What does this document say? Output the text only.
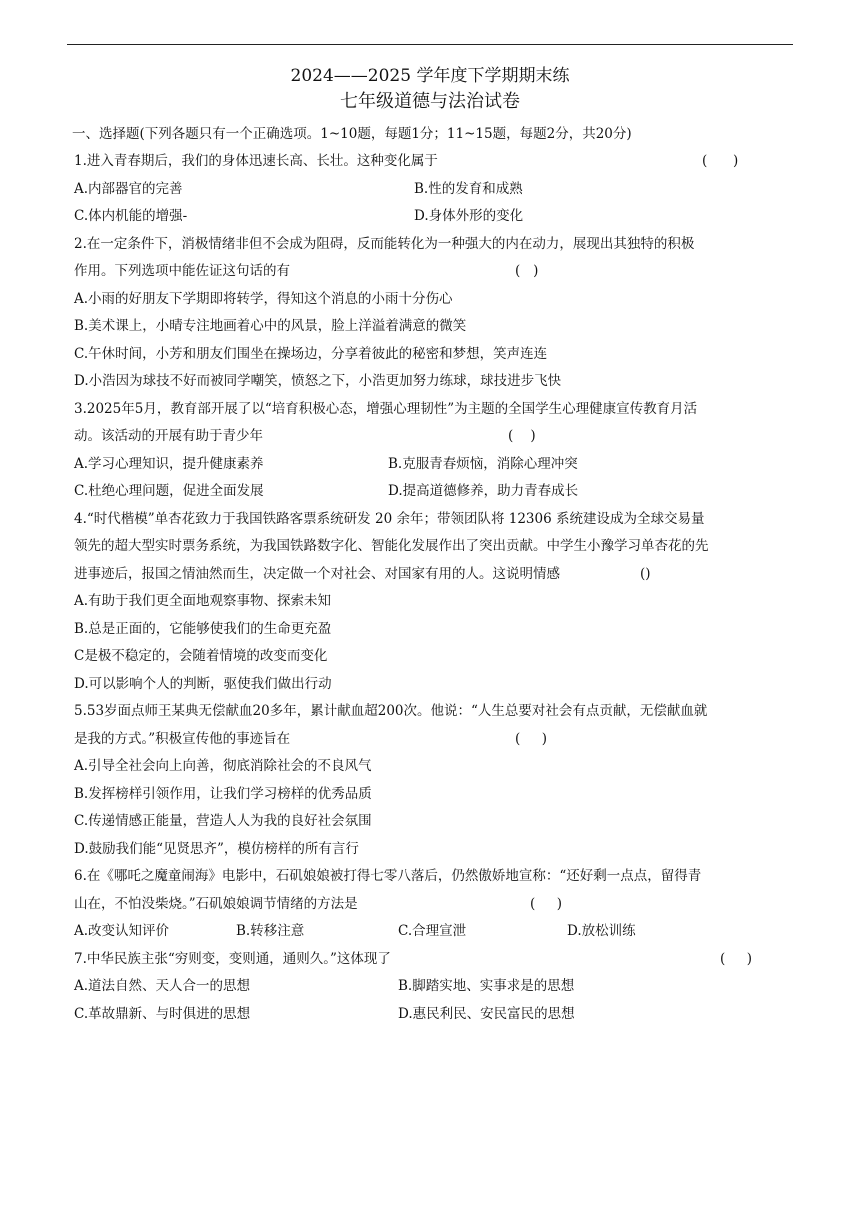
2024——2025 学年度下学期期末练
七年级道德与法治试卷
一、选择题(下列各题只有一个正确选项。1~10题，每题1分；11~15题，每题2分，共20分)
1.进入青春期后，我们的身体迅速长高、长壮。这种变化属于	(      )
A.内部器官的完善	B.性的发育和成熟
C.体内机能的增强-	D.身体外形的变化
2.在一定条件下，消极情绪非但不会成为阻碍，反而能转化为一种强大的内在动力，展现出其独特的积极
作用。下列选项中能佐证这句话的有	(   )
A.小雨的好朋友下学期即将转学，得知这个消息的小雨十分伤心
B.美术课上，小晴专注地画着心中的风景，脸上洋溢着满意的微笑
C.午休时间，小芳和朋友们围坐在操场边，分享着彼此的秘密和梦想，笑声连连
D.小浩因为球技不好而被同学嘲笑，愤怒之下，小浩更加努力练球，球技进步飞快
3.2025年5月，教育部开展了以“培育积极心态，增强心理韧性”为主题的全国学生心理健康宣传教育月活
动。该活动的开展有助于青少年	(    )
A.学习心理知识，提升健康素养	B.克服青春烦恼，消除心理冲突
C.杜绝心理问题，促进全面发展	D.提高道德修养，助力青春成长
4.“时代楷模”单杏花致力于我国铁路客票系统研发 20 余年；带领团队将 12306 系统建设成为全球交易量
领先的超大型实时票务系统，为我国铁路数字化、智能化发展作出了突出贡献。中学生小豫学习单杏花的先
进事迹后，报国之情油然而生，决定做一个对社会、对国家有用的人。这说明情感	()
A.有助于我们更全面地观察事物、探索未知
B.总是正面的，它能够使我们的生命更充盈
C是极不稳定的，会随着情境的改变而变化
D.可以影响个人的判断，驱使我们做出行动
5.53岁面点师王某典无偿献血20多年，累计献血超200次。他说：“人生总要对社会有点贡献，无偿献血就
是我的方式。”积极宣传他的事迹旨在	(     )
A.引导全社会向上向善，彻底消除社会的不良风气
B.发挥榜样引领作用，让我们学习榜样的优秀品质
C.传递情感正能量，营造人人为我的良好社会氛围
D.鼓励我们能“见贤思齐”，模仿榜样的所有言行
6.在《哪吒之魔童闹海》电影中，石矶娘娘被打得七零八落后，仍然傲娇地宣称：“还好剩一点点，留得青
山在，不怕没柴烧。”石矶娘娘调节情绪的方法是	(     )
A.改变认知评价	B.转移注意	C.合理宣泄	D.放松训练
7.中华民族主张“穷则变，变则通，通则久。”这体现了	(     )
A.道法自然、天人合一的思想	B.脚踏实地、实事求是的思想
C.革故鼎新、与时俱进的思想	D.惠民利民、安民富民的思想
